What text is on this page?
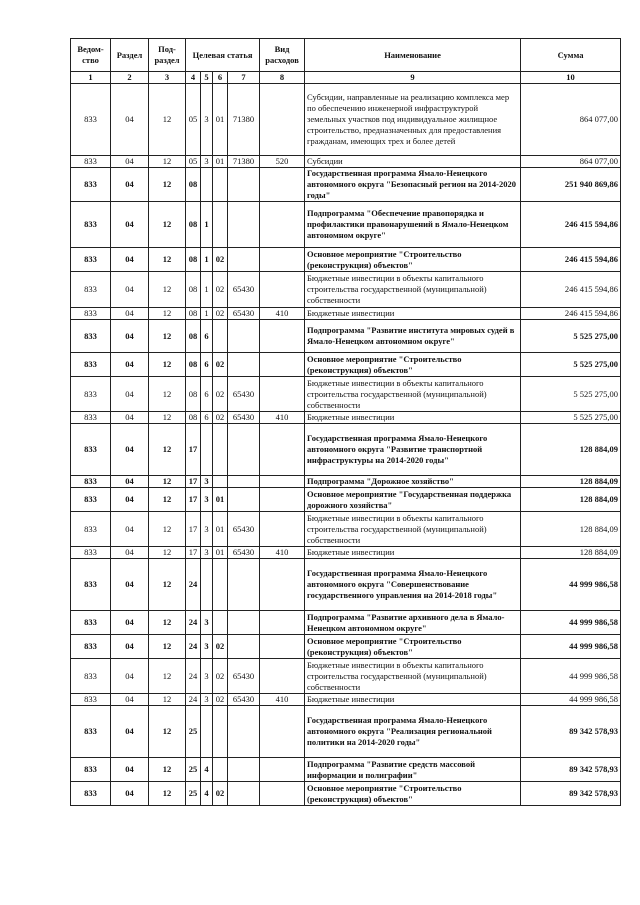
Ведом-ство	Раздел	Под-раздел	Целевая статья				Вид расходов	Наименование	Сумма
1	2	3	4	5	6	7	8	9	10
833	04	12	05	3	01	71380		Субсидии, направленные на реализацию комплекса мер по обеспечению инженерной инфраструктурой земельных участков под индивидуальное жилищное строительство, предназначенных для предоставления гражданам, имеющих трех и более детей	864 077,00
833	04	12	05	3	01	71380	520	Субсидии	864 077,00
833	04	12	08					Государственная программа Ямало-Ненецкого автономного округа "Безопасный регион на 2014-2020 годы"	251 940 869,86
833	04	12	08	1				Подпрограмма "Обеспечение правопорядка и профилактики правонарушений в Ямало-Ненецком автономном округе"	246 415 594,86
833	04	12	08	1	02			Основное мероприятие "Строительство (реконструкция) объектов"	246 415 594,86
833	04	12	08	1	02	65430		Бюджетные инвестиции в объекты капитального строительства государственной (муниципальной) собственности	246 415 594,86
833	04	12	08	1	02	65430	410	Бюджетные инвестиции	246 415 594,86
833	04	12	08	6				Подпрограмма "Развитие института мировых судей в Ямало-Ненецком автономном округе"	5 525 275,00
833	04	12	08	6	02			Основное мероприятие "Строительство (реконструкция) объектов"	5 525 275,00
833	04	12	08	6	02	65430		Бюджетные инвестиции в объекты капитального строительства государственной (муниципальной) собственности	5 525 275,00
833	04	12	08	6	02	65430	410	Бюджетные инвестиции	5 525 275,00
833	04	12	17					Государственная программа Ямало-Ненецкого автономного округа "Развитие транспортной инфраструктуры на 2014-2020 годы"	128 884,09
833	04	12	17	3				Подпрограмма "Дорожное хозяйство"	128 884,09
833	04	12	17	3	01			Основное мероприятие "Государственная поддержка дорожного хозяйства"	128 884,09
833	04	12	17	3	01	65430		Бюджетные инвестиции в объекты капитального строительства государственной (муниципальной) собственности	128 884,09
833	04	12	17	3	01	65430	410	Бюджетные инвестиции	128 884,09
833	04	12	24					Государственная программа Ямало-Ненецкого автономного округа "Совершенствование государственного управления на 2014-2018 годы"	44 999 986,58
833	04	12	24	3				Подпрограмма "Развитие архивного дела в Ямало-Ненецком автономном округе"	44 999 986,58
833	04	12	24	3	02			Основное мероприятие "Строительство (реконструкция) объектов"	44 999 986,58
833	04	12	24	3	02	65430		Бюджетные инвестиции в объекты капитального строительства государственной (муниципальной) собственности	44 999 986,58
833	04	12	24	3	02	65430	410	Бюджетные инвестиции	44 999 986,58
833	04	12	25					Государственная программа Ямало-Ненецкого автономного округа "Реализация региональной политики на 2014-2020 годы"	89 342 578,93
833	04	12	25	4				Подпрограмма "Развитие средств массовой информации и полиграфии"	89 342 578,93
833	04	12	25	4	02			Основное мероприятие "Строительство (реконструкция) объектов"	89 342 578,93
